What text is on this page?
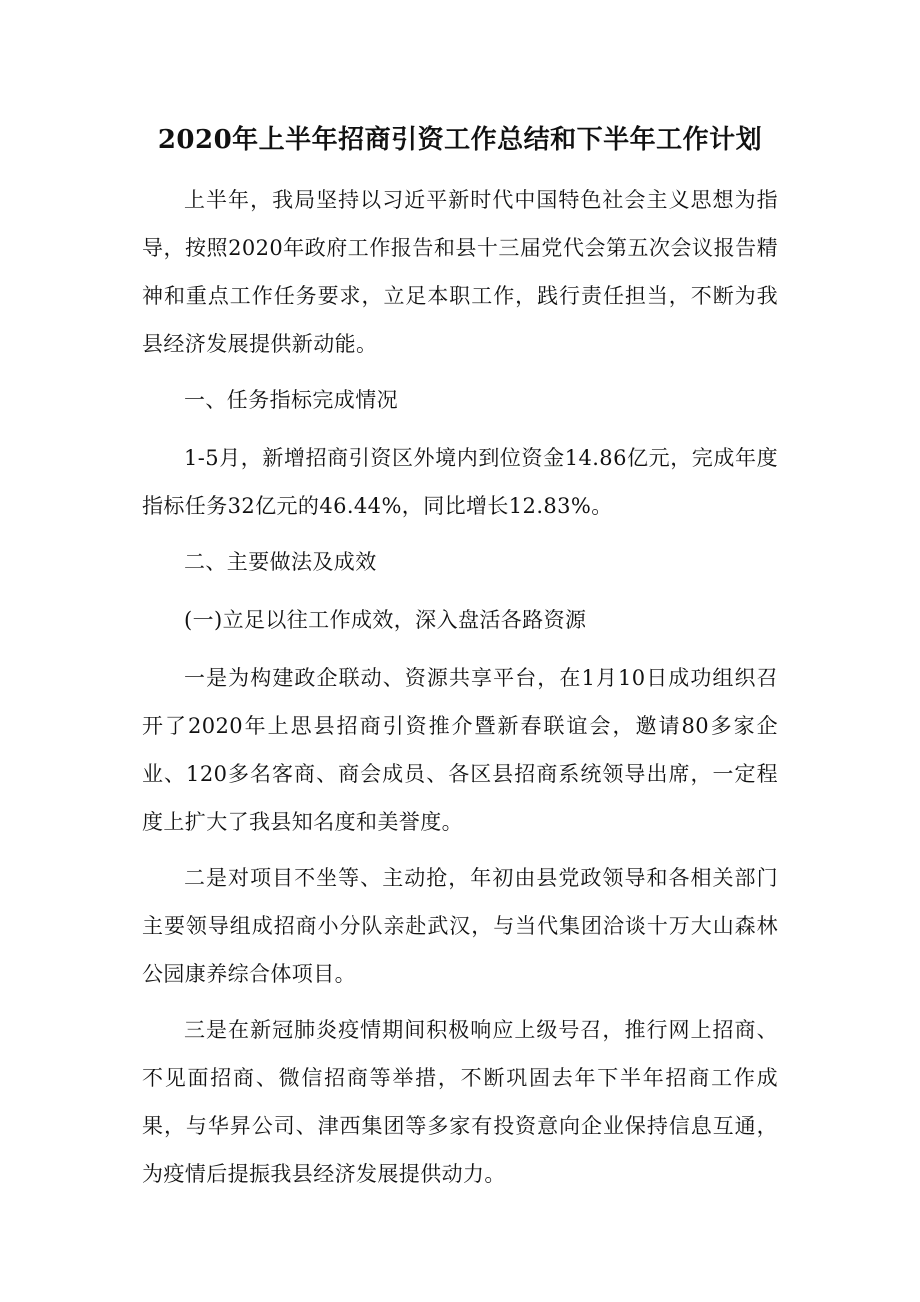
2020年上半年招商引资工作总结和下半年工作计划

上半年，我局坚持以习近平新时代中国特色社会主义思想为指导，按照2020年政府工作报告和县十三届党代会第五次会议报告精神和重点工作任务要求，立足本职工作，践行责任担当，不断为我县经济发展提供新动能。

一、任务指标完成情况

1-5月，新增招商引资区外境内到位资金14.86亿元，完成年度指标任务32亿元的46.44%，同比增长12.83%。

二、主要做法及成效

(一)立足以往工作成效，深入盘活各路资源

一是为构建政企联动、资源共享平台，在1月10日成功组织召开了2020年上思县招商引资推介暨新春联谊会，邀请80多家企业、120多名客商、商会成员、各区县招商系统领导出席，一定程度上扩大了我县知名度和美誉度。

二是对项目不坐等、主动抢，年初由县党政领导和各相关部门主要领导组成招商小分队亲赴武汉，与当代集团洽谈十万大山森林公园康养综合体项目。

三是在新冠肺炎疫情期间积极响应上级号召，推行网上招商、不见面招商、微信招商等举措，不断巩固去年下半年招商工作成果，与华昇公司、津西集团等多家有投资意向企业保持信息互通，为疫情后提振我县经济发展提供动力。
